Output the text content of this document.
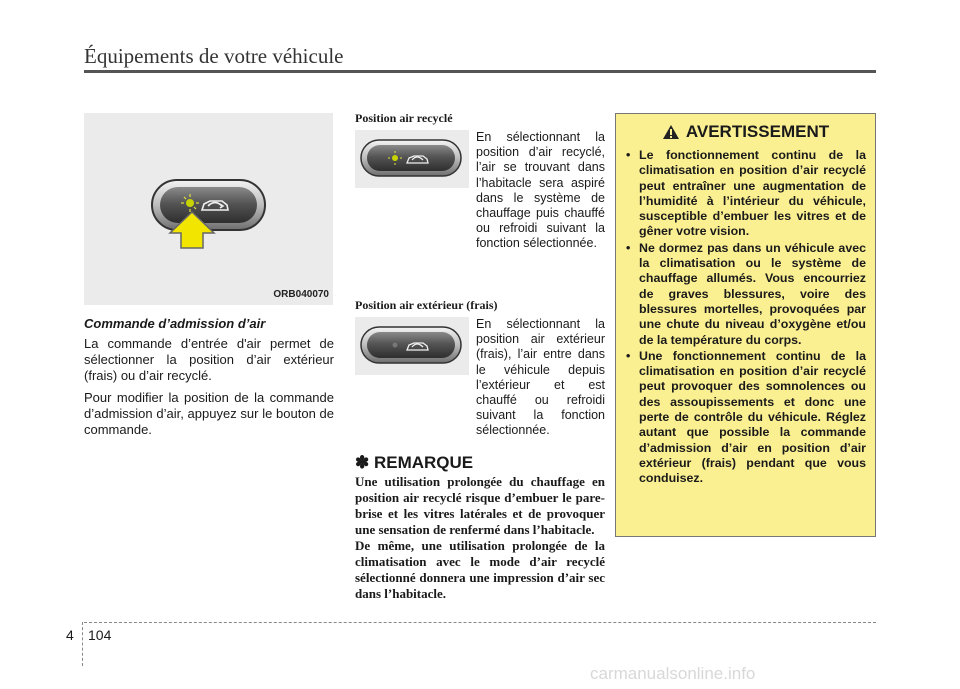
Équipements de votre véhicule
ORB040070
Commande d’admission d’air

La commande d’entrée d'air permet de sélectionner la position d’air extérieur (frais) ou d’air recyclé.

Pour modifier la position de la commande d’admission d’air, appuyez sur le bouton de commande.

Position air recyclé
En sélectionnant la position d’air recyclé, l’air se trouvant dans l’habitacle sera aspiré dans le système de chauffage puis chauffé ou refroidi suivant la fonction sélectionnée.
Position air extérieur (frais)
En sélectionnant la position air extérieur (frais), l’air entre dans le véhicule depuis l’extérieur et est chauffé ou refroidi suivant la fonction sélectionnée.
✽ REMARQUE

Une utilisation prolongée du chauffage en position air recyclé risque d’embuer le pare-brise et les vitres latérales et de provoquer une sensation de renfermé dans l’habitacle.

De même, une utilisation prolongée de la climatisation avec le mode d’air recyclé sélectionné donnera une impression d’air sec dans l’habitacle.

AVERTISSEMENT
• Le fonctionnement continu de la climatisation en position d’air recyclé peut entraîner une augmentation de l’humidité à l’intérieur du véhicule, susceptible d’embuer les vitres et de gêner votre vision.
• Ne dormez pas dans un véhicule avec la climatisation ou le système de chauffage allumés. Vous encourriez de graves blessures, voire des blessures mortelles, provoquées par une chute du niveau d’oxygène et/ou de la température du corps.
• Une fonctionnement continu de la climatisation en position d’air recyclé peut provoquer des somnolences ou des assoupissements et donc une perte de contrôle du véhicule. Réglez autant que possible la commande d’admission d’air en position d’air extérieur (frais) pendant que vous conduisez.
4 104
carmanualsonline.info
